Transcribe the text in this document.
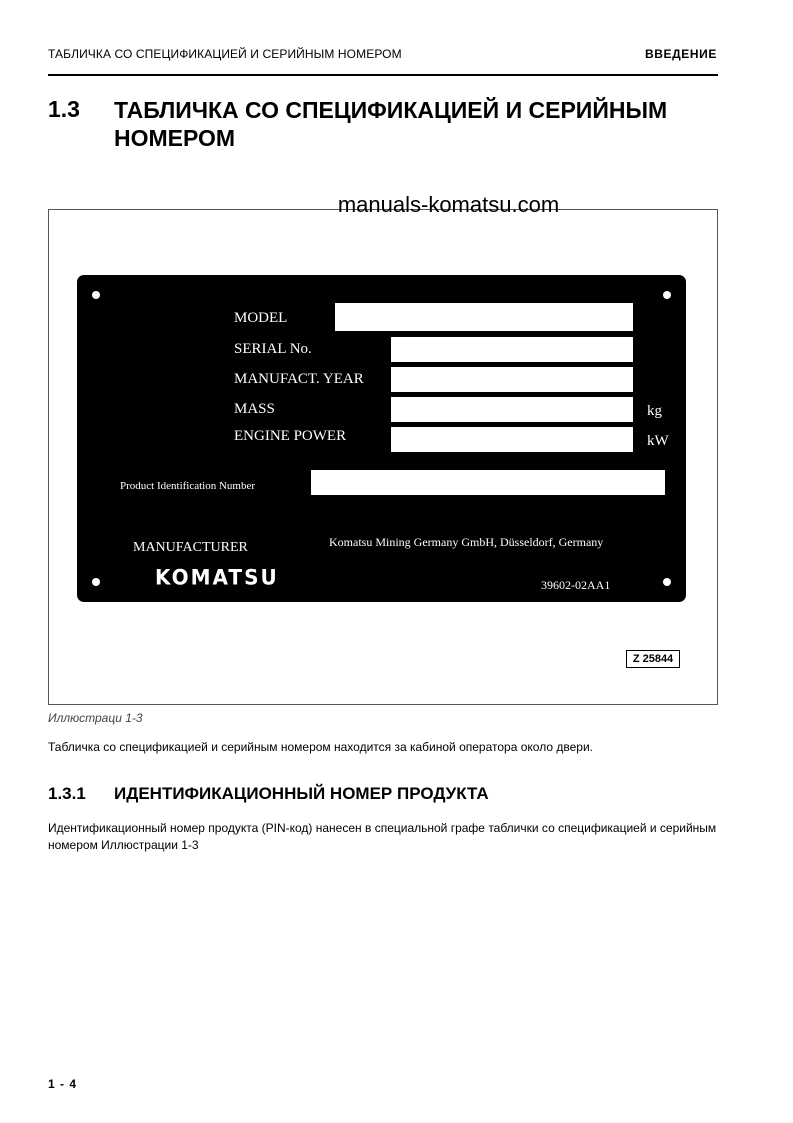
ТАБЛИЧКА СО СПЕЦИФИКАЦИЕЙ И СЕРИЙНЫМ НОМЕРОМ	ВВЕДЕНИЕ
1.3 ТАБЛИЧКА СО СПЕЦИФИКАЦИЕЙ И СЕРИЙНЫМ НОМЕРОМ
manuals-komatsu.com
MODEL
SERIAL No.
MANUFACT. YEAR
MASS	kg
ENGINE POWER	kW
Product Identification Number
MANUFACTURER	Komatsu Mining Germany GmbH, Düsseldorf, Germany
KOMATSU	39602-02AA1
Z 25844
Иллюстраци 1-3
Табличка со спецификацией и серийным номером находится за кабиной оператора около двери.
1.3.1 ИДЕНТИФИКАЦИОННЫЙ НОМЕР ПРОДУКТА
Идентификационный номер продукта (PIN-код) нанесен в специальной графе таблички со спецификацией и серийным номером Иллюстрации 1-3
1 - 4
